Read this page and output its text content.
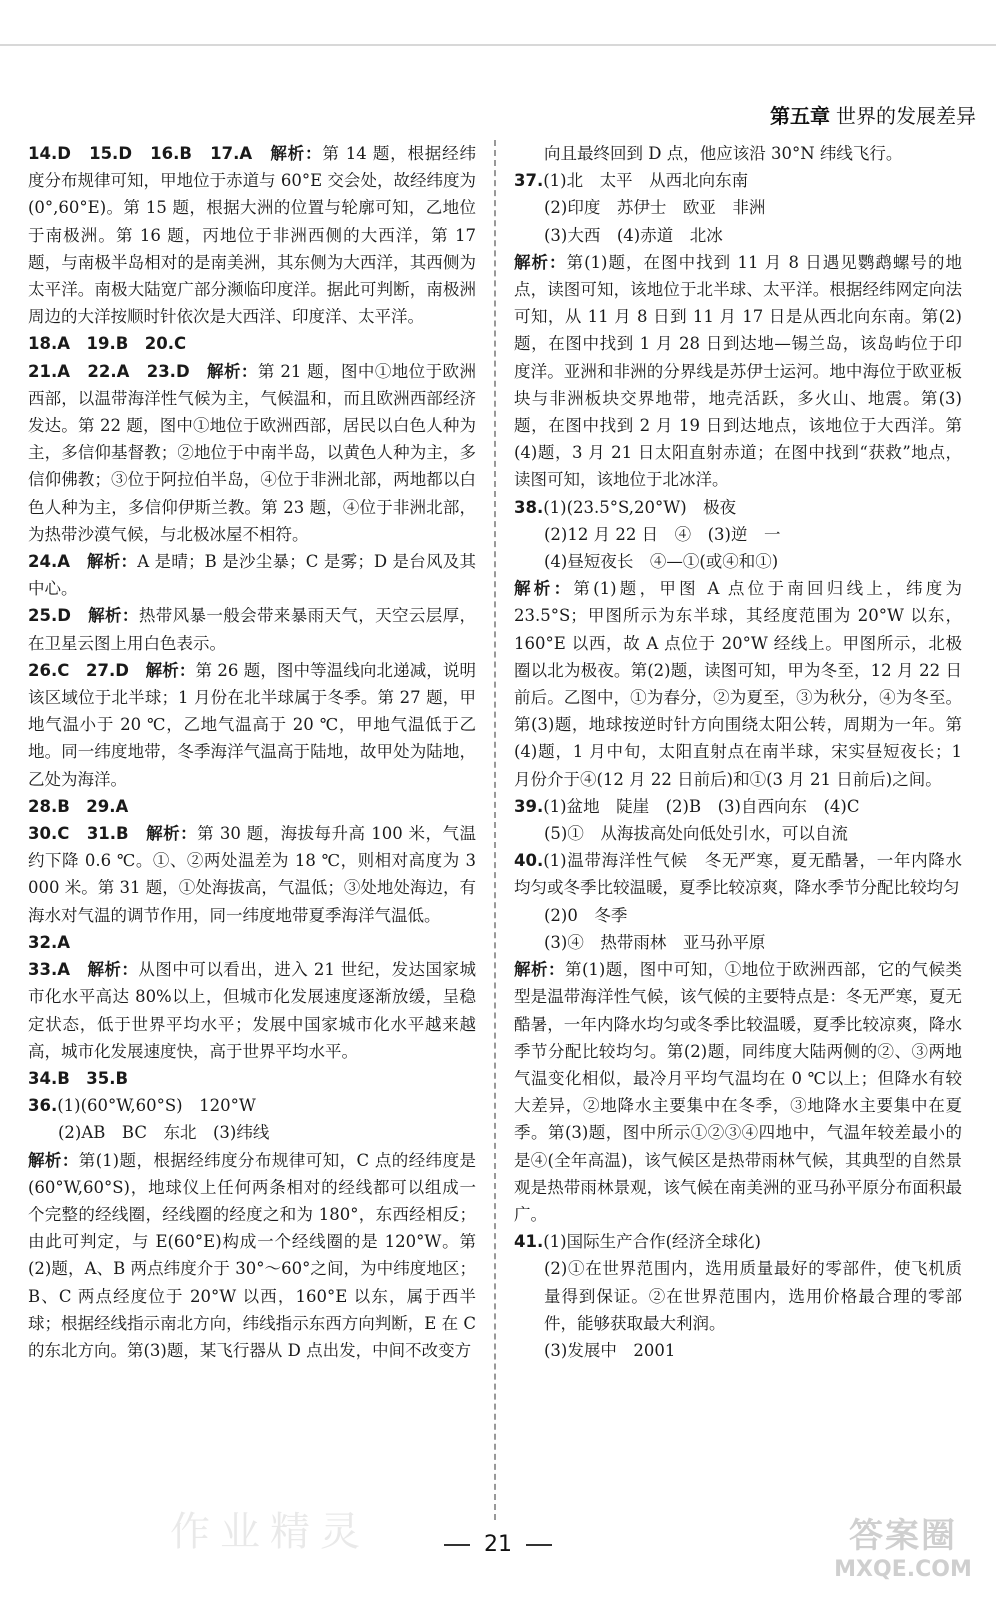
第五章 世界的发展差异

14.D　15.D　16.B　17.A　解析：第 14 题，根据经纬度分布规律可知，甲地位于赤道与 60°E 交会处，故经纬度为(0°,60°E)。第 15 题，根据大洲的位置与轮廓可知，乙地位于南极洲。第 16 题，丙地位于非洲西侧的大西洋，第 17 题，与南极半岛相对的是南美洲，其东侧为大西洋，其西侧为太平洋。南极大陆宽广部分濒临印度洋。据此可判断，南极洲周边的大洋按顺时针依次是大西洋、印度洋、太平洋。

18.A　19.B　20.C

21.A　22.A　23.D　解析：第 21 题，图中①地位于欧洲西部，以温带海洋性气候为主，气候温和，而且欧洲西部经济发达。第 22 题，图中①地位于欧洲西部，居民以白色人种为主，多信仰基督教；②地位于中南半岛，以黄色人种为主，多信仰佛教；③位于阿拉伯半岛，④位于非洲北部，两地都以白色人种为主，多信仰伊斯兰教。第 23 题，④位于非洲北部，为热带沙漠气候，与北极冰屋不相符。

24.A　解析：A 是晴；B 是沙尘暴；C 是雾；D 是台风及其中心。

25.D　解析：热带风暴一般会带来暴雨天气，天空云层厚，在卫星云图上用白色表示。

26.C　27.D　解析：第 26 题，图中等温线向北递减，说明该区域位于北半球；1 月份在北半球属于冬季。第 27 题，甲地气温小于 20 ℃，乙地气温高于 20 ℃，甲地气温低于乙地。同一纬度地带，冬季海洋气温高于陆地，故甲处为陆地，乙处为海洋。

28.B　29.A

30.C　31.B　解析：第 30 题，海拔每升高 100 米，气温约下降 0.6 ℃。①、②两处温差为 18 ℃，则相对高度为 3 000 米。第 31 题，①处海拔高，气温低；③处地处海边，有海水对气温的调节作用，同一纬度地带夏季海洋气温低。

32.A

33.A　解析：从图中可以看出，进入 21 世纪，发达国家城市化水平高达 80%以上，但城市化发展速度逐渐放缓，呈稳定状态，低于世界平均水平；发展中国家城市化水平越来越高，城市化发展速度快，高于世界平均水平。

34.B　35.B

36.(1)(60°W,60°S)　120°W

(2)AB　BC　东北　(3)纬线

解析：第(1)题，根据经纬度分布规律可知，C 点的经纬度是(60°W,60°S)，地球仪上任何两条相对的经线都可以组成一个完整的经线圈，经线圈的经度之和为 180°，东西经相反；由此可判定，与 E(60°E)构成一个经线圈的是 120°W。第(2)题，A、B 两点纬度介于 30°～60°之间，为中纬度地区；B、C 两点经度位于 20°W 以西，160°E 以东，属于西半球；根据经线指示南北方向，纬线指示东西方向判断，E 在 C 的东北方向。第(3)题，某飞行器从 D 点出发，中间不改变方

向且最终回到 D 点，他应该沿 30°N 纬线飞行。

37.(1)北　太平　从西北向东南

(2)印度　苏伊士　欧亚　非洲

(3)大西　(4)赤道　北冰

解析：第(1)题，在图中找到 11 月 8 日遇见鹦鹉螺号的地点，读图可知，该地位于北半球、太平洋。根据经纬网定向法可知，从 11 月 8 日到 11 月 17 日是从西北向东南。第(2)题，在图中找到 1 月 28 日到达地—锡兰岛，该岛屿位于印度洋。亚洲和非洲的分界线是苏伊士运河。地中海位于欧亚板块与非洲板块交界地带，地壳活跃，多火山、地震。第(3)题，在图中找到 2 月 19 日到达地点，该地位于大西洋。第(4)题，3 月 21 日太阳直射赤道；在图中找到“获救”地点，读图可知，该地位于北冰洋。

38.(1)(23.5°S,20°W)　极夜

(2)12 月 22 日　④　(3)逆　一

(4)昼短夜长　④—①(或④和①)

解析：第(1)题，甲图 A 点位于南回归线上，纬度为 23.5°S；甲图所示为东半球，其经度范围为 20°W 以东，160°E 以西，故 A 点位于 20°W 经线上。甲图所示，北极圈以北为极夜。第(2)题，读图可知，甲为冬至，12 月 22 日前后。乙图中，①为春分，②为夏至，③为秋分，④为冬至。第(3)题，地球按逆时针方向围绕太阳公转，周期为一年。第(4)题，1 月中旬，太阳直射点在南半球，宋实昼短夜长；1 月份介于④(12 月 22 日前后)和①(3 月 21 日前后)之间。

39.(1)盆地　陡崖　(2)B　(3)自西向东　(4)C

(5)①　从海拔高处向低处引水，可以自流

40.(1)温带海洋性气候　冬无严寒，夏无酷暑，一年内降水均匀或冬季比较温暖，夏季比较凉爽，降水季节分配比较均匀

(2)0　冬季

(3)④　热带雨林　亚马孙平原

解析：第(1)题，图中可知，①地位于欧洲西部，它的气候类型是温带海洋性气候，该气候的主要特点是：冬无严寒，夏无酷暑，一年内降水均匀或冬季比较温暖，夏季比较凉爽，降水季节分配比较均匀。第(2)题，同纬度大陆两侧的②、③两地气温变化相似，最冷月平均气温均在 0 ℃以上；但降水有较大差异，②地降水主要集中在冬季，③地降水主要集中在夏季。第(3)题，图中所示①②③④四地中，气温年较差最小的是④(全年高温)，该气候区是热带雨林气候，其典型的自然景观是热带雨林景观，该气候在南美洲的亚马孙平原分布面积最广。

41.(1)国际生产合作(经济全球化)

(2)①在世界范围内，选用质量最好的零部件，使飞机质量得到保证。②在世界范围内，选用价格最合理的零部件，能够获取最大利润。

(3)发展中　2001

作业精灵	答案圈
MXQE.COM
21
